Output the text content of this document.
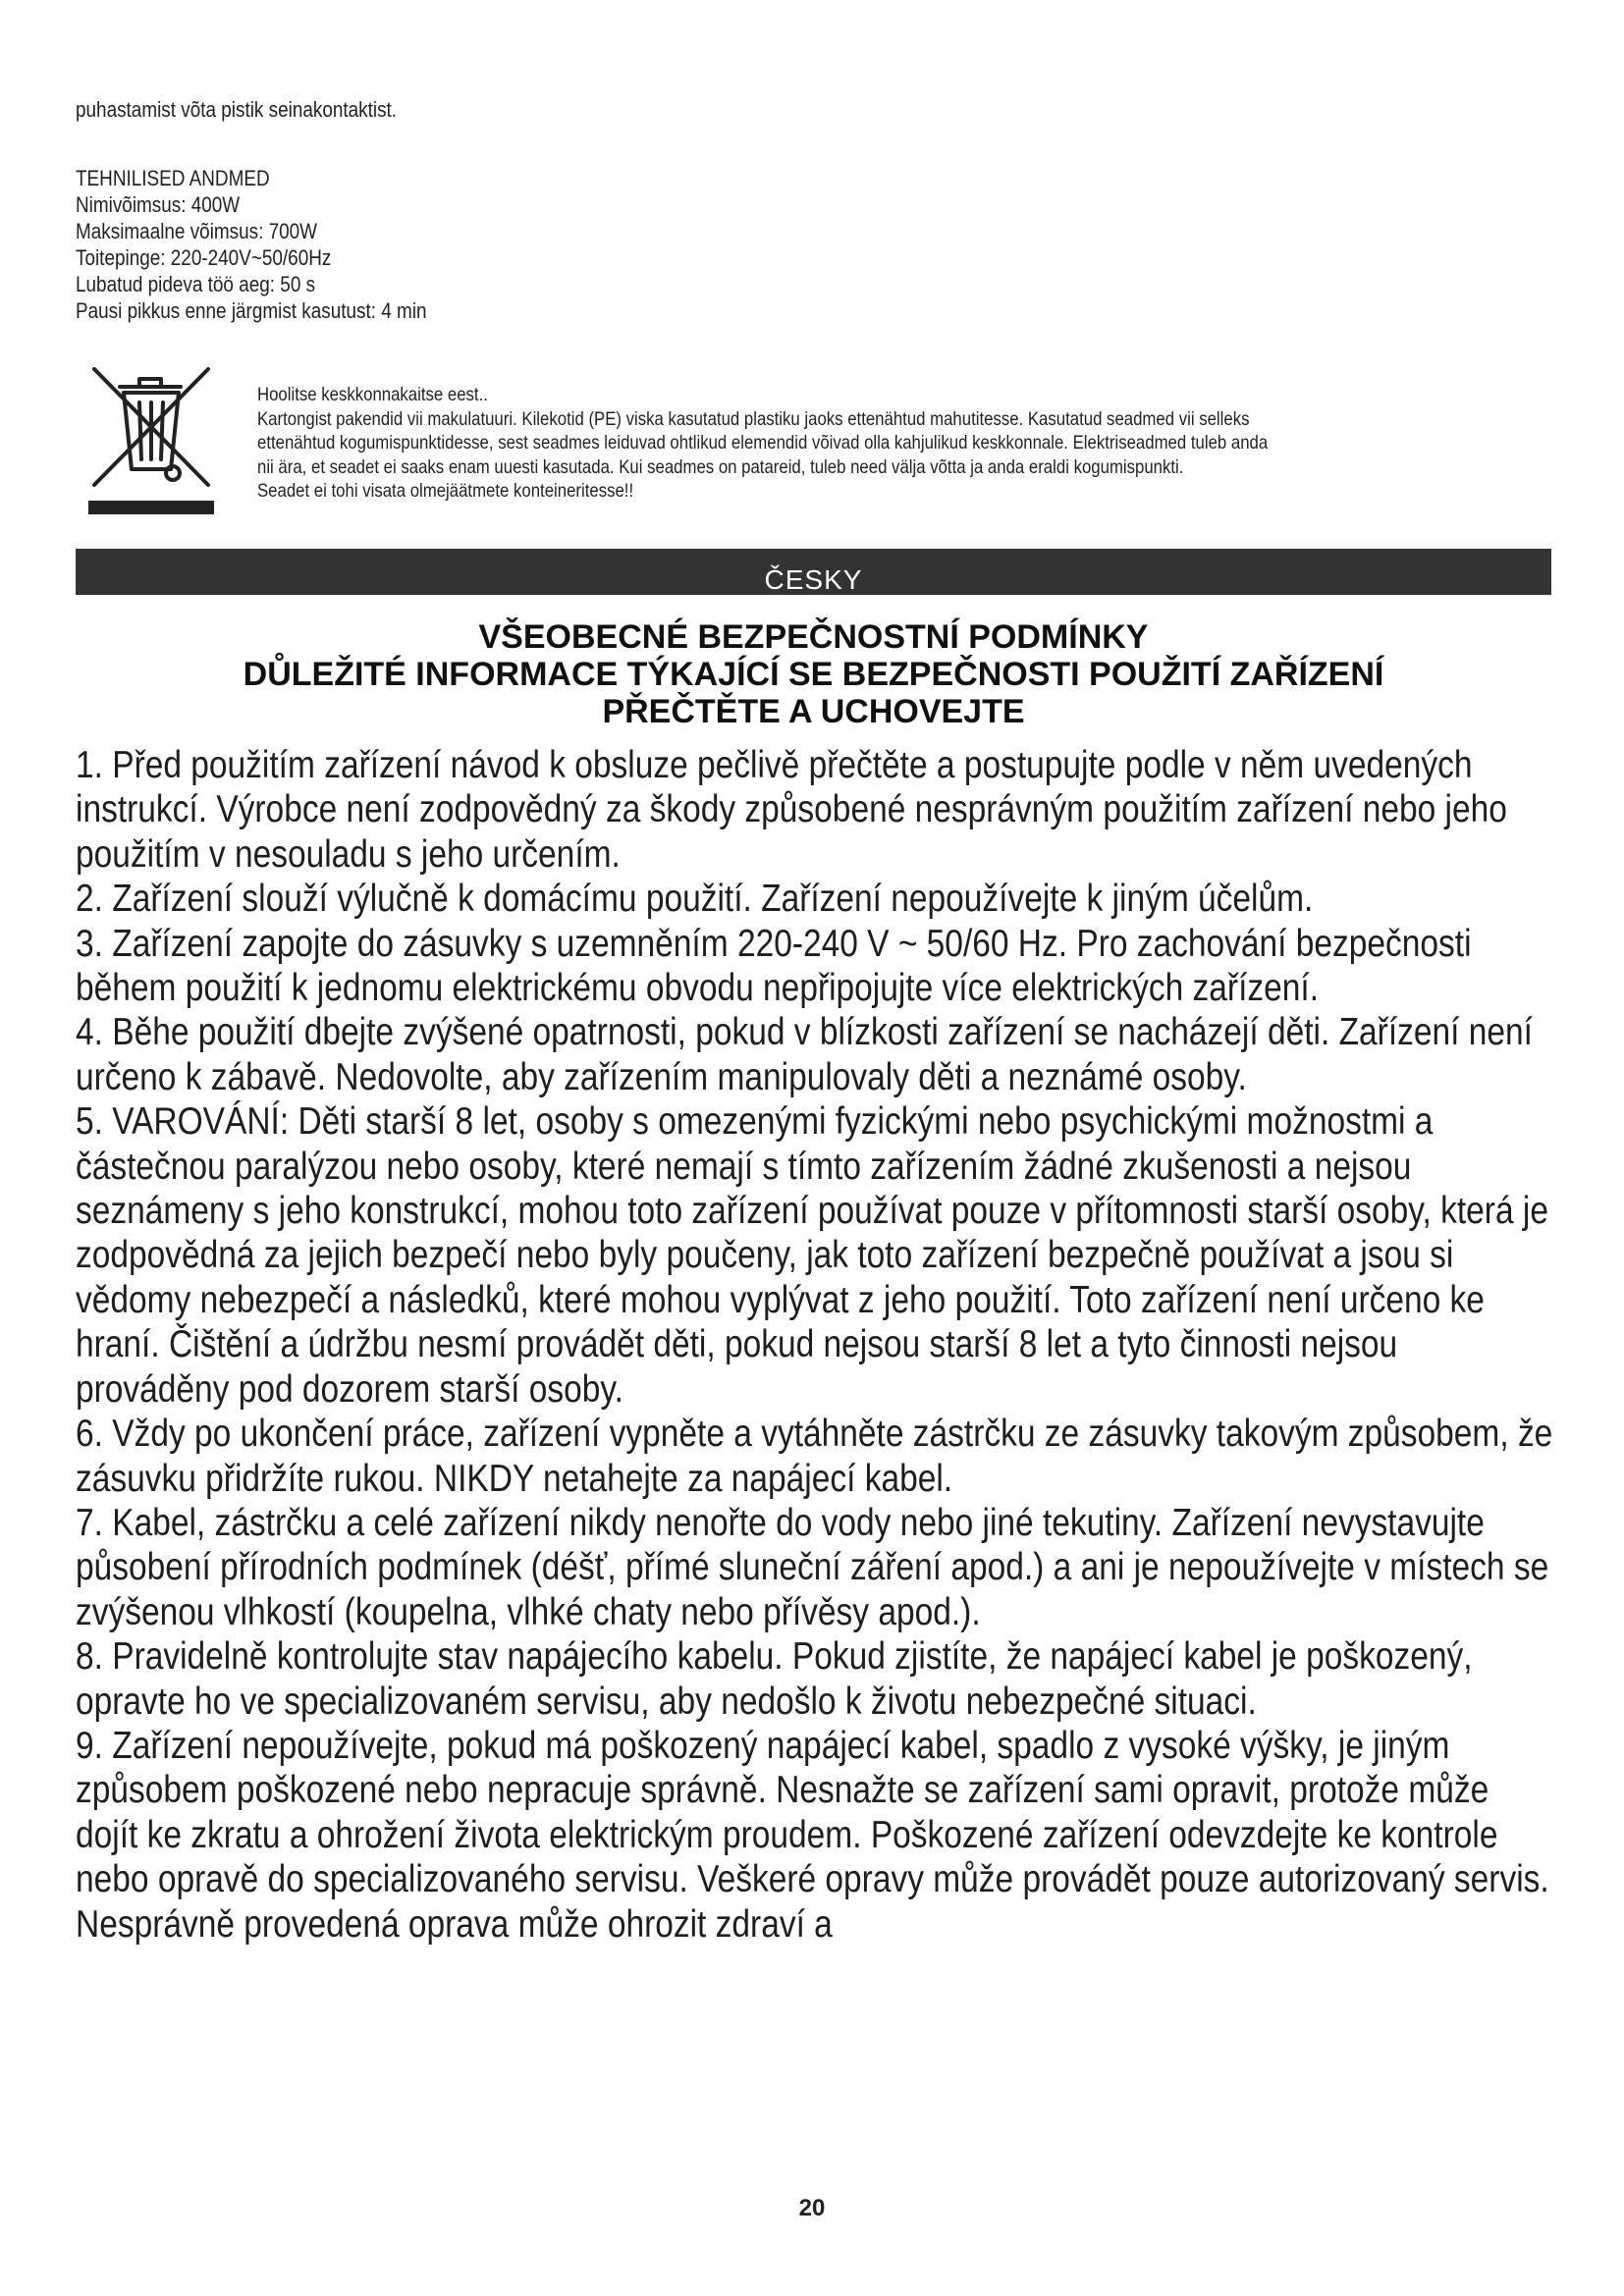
puhastamist võta pistik seinakontaktist.
TEHNILISED ANDMED
Nimivõimsus: 400W
Maksimaalne võimsus: 700W
Toitepinge: 220-240V~50/60Hz
Lubatud pideva töö aeg: 50 s
Pausi pikkus enne järgmist kasutust: 4 min
Hoolitse keskkonnakaitse eest..
Kartongist pakendid vii makulatuuri. Kilekotid (PE) viska kasutatud plastiku jaoks ettenähtud mahutitesse. Kasutatud seadmed vii selleks
ettenähtud kogumispunktidesse, sest seadmes leiduvad ohtlikud elemendid võivad olla kahjulikud keskkonnale. Elektriseadmed tuleb anda
nii ära, et seadet ei saaks enam uuesti kasutada. Kui seadmes on patareid, tuleb need välja võtta ja anda eraldi kogumispunkti.
Seadet ei tohi visata olmejäätmete konteineritesse!!
ČESKY
VŠEOBECNÉ BEZPEČNOSTNÍ PODMÍNKY
DŮLEŽITÉ INFORMACE TÝKAJÍCÍ SE BEZPEČNOSTI POUŽITÍ ZAŘÍZENÍ
PŘEČTĚTE A UCHOVEJTE

1. Před použitím zařízení návod k obsluze pečlivě přečtěte a postupujte podle v něm uvedených instrukcí. Výrobce není zodpovědný za škody způsobené nesprávným použitím zařízení nebo jeho použitím v nesouladu s jeho určením.

2. Zařízení slouží výlučně k domácímu použití. Zařízení nepoužívejte k jiným účelům.

3. Zařízení zapojte do zásuvky s uzemněním 220-240 V ~ 50/60 Hz. Pro zachování bezpečnosti během použití k jednomu elektrickému obvodu nepřipojujte více elektrických zařízení.

4. Běhe použití dbejte zvýšené opatrnosti, pokud v blízkosti zařízení se nacházejí děti. Zařízení není určeno k zábavě. Nedovolte, aby zařízením manipulovaly děti a neznámé osoby.

5. VAROVÁNÍ: Děti starší 8 let, osoby s omezenými fyzickými nebo psychickými možnostmi a částečnou paralýzou nebo osoby, které nemají s tímto zařízením žádné zkušenosti a nejsou seznámeny s jeho konstrukcí, mohou toto zařízení používat pouze v přítomnosti starší osoby, která je zodpovědná za jejich bezpečí nebo byly poučeny, jak toto zařízení bezpečně používat a jsou si vědomy nebezpečí a následků, které mohou vyplývat z jeho použití. Toto zařízení není určeno ke hraní. Čištění a údržbu nesmí provádět děti, pokud nejsou starší 8 let a tyto činnosti nejsou prováděny pod dozorem starší osoby.

6. Vždy po ukončení práce, zařízení vypněte a vytáhněte zástrčku ze zásuvky takovým způsobem, že zásuvku přidržíte rukou. NIKDY netahejte za napájecí kabel.

7. Kabel, zástrčku a celé zařízení nikdy nenořte do vody nebo jiné tekutiny. Zařízení nevystavujte působení přírodních podmínek (déšť, přímé sluneční záření apod.) a ani je nepoužívejte v místech se zvýšenou vlhkostí (koupelna, vlhké chaty nebo přívěsy apod.).

8. Pravidelně kontrolujte stav napájecího kabelu. Pokud zjistíte, že napájecí kabel je poškozený, opravte ho ve specializovaném servisu, aby nedošlo k životu nebezpečné situaci.

9. Zařízení nepoužívejte, pokud má poškozený napájecí kabel, spadlo z vysoké výšky, je jiným způsobem poškozené nebo nepracuje správně. Nesnažte se zařízení sami opravit, protože může dojít ke zkratu a ohrožení života elektrickým proudem. Poškozené zařízení odevzdejte ke kontrole nebo opravě do specializovaného servisu. Veškeré opravy může provádět pouze autorizovaný servis. Nesprávně provedená oprava může ohrozit zdraví a

20
